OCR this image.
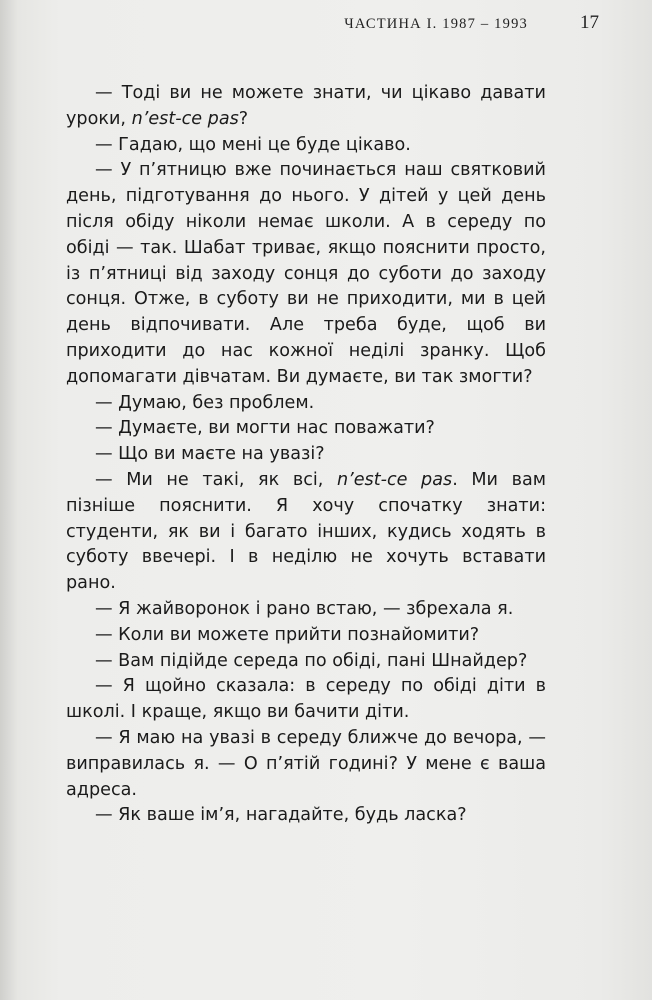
ЧАСТИНА I. 1987 – 1993	17

— Тоді ви не можете знати, чи цікаво давати уроки, n’est-ce pas?

— Гадаю, що мені це буде цікаво.

— У п’ятницю вже починається наш святковий день, підготування до нього. У дітей у цей день після обіду ніколи немає школи. А в середу по обіді — так. Шабат триває, якщо пояснити просто, із п’ятниці від заходу сонця до суботи до заходу сонця. Отже, в суботу ви не приходити, ми в цей день відпочивати. Але треба буде, щоб ви приходити до нас кожної неділі зранку. Щоб допомагати дівчатам. Ви думаєте, ви так змогти?

— Думаю, без проблем.

— Думаєте, ви могти нас поважати?

— Що ви маєте на увазі?

— Ми не такі, як всі, n’est-ce pas. Ми вам пізніше пояснити. Я хочу спочатку знати: студенти, як ви і багато інших, кудись ходять в суботу ввечері. І в неділю не хочуть вставати рано.

— Я жайворонок і рано встаю, — збрехала я.

— Коли ви можете прийти познайомити?

— Вам підійде середа по обіді, пані Шнайдер?

— Я щойно сказала: в середу по обіді діти в школі. І краще, якщо ви бачити діти.

— Я маю на увазі в середу ближче до вечора, — виправилась я. — О п’ятій годині? У мене є ваша адреса.

— Як ваше ім’я, нагадайте, будь ласка?
